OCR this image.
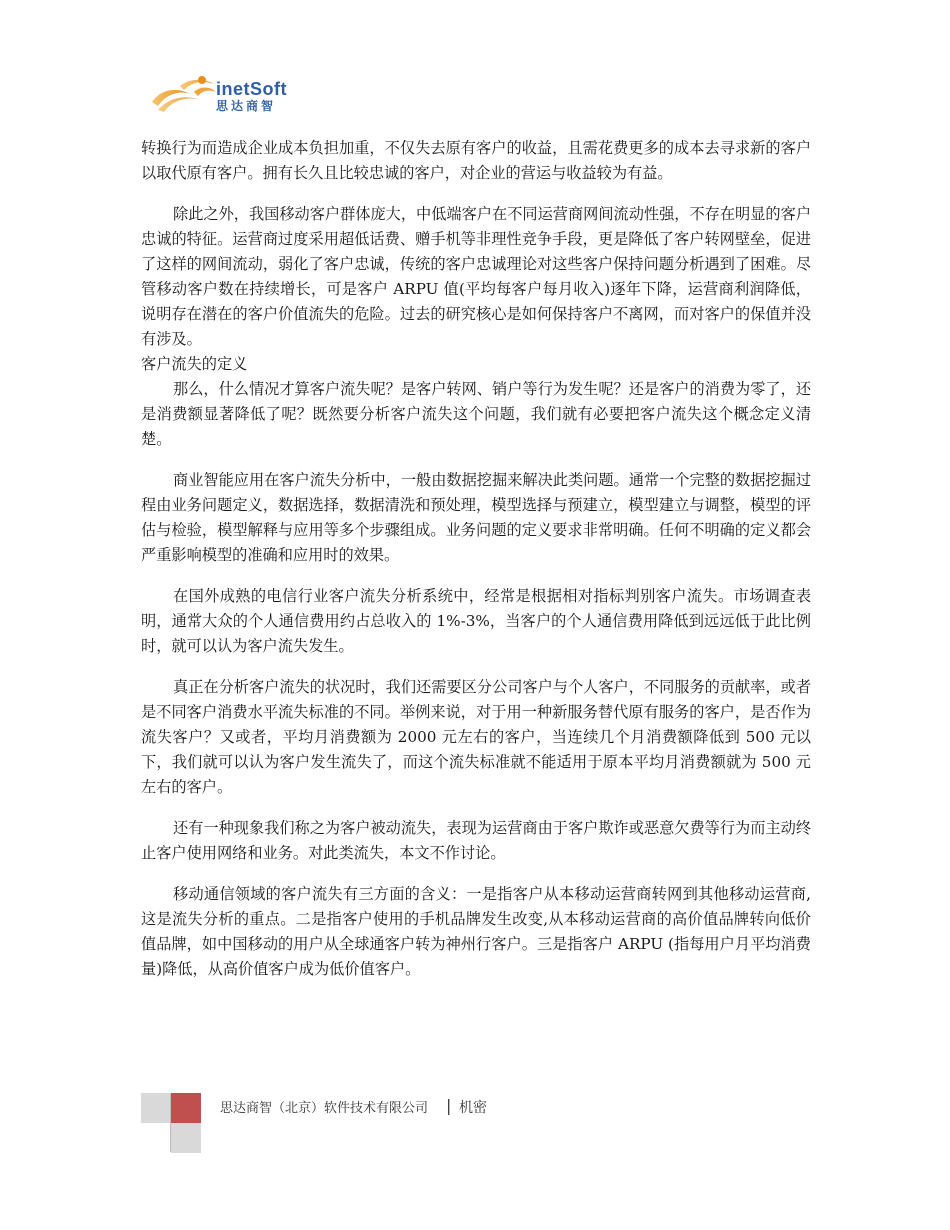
inetSoft
思达商智

转换行为而造成企业成本负担加重，不仅失去原有客户的收益，且需花费更多的成本去寻求新的客户以取代原有客户。拥有长久且比较忠诚的客户，对企业的营运与收益较为有益。

除此之外，我国移动客户群体庞大，中低端客户在不同运营商网间流动性强，不存在明显的客户忠诚的特征。运营商过度采用超低话费、赠手机等非理性竞争手段，更是降低了客户转网壁垒，促进了这样的网间流动，弱化了客户忠诚，传统的客户忠诚理论对这些客户保持问题分析遇到了困难。尽管移动客户数在持续增长，可是客户 ARPU 值(平均每客户每月收入)逐年下降，运营商利润降低，说明存在潜在的客户价值流失的危险。过去的研究核心是如何保持客户不离网，而对客户的保值并没有涉及。

客户流失的定义

那么，什么情况才算客户流失呢？是客户转网、销户等行为发生呢？还是客户的消费为零了，还是消费额显著降低了呢？既然要分析客户流失这个问题，我们就有必要把客户流失这个概念定义清楚。

商业智能应用在客户流失分析中，一般由数据挖掘来解决此类问题。通常一个完整的数据挖掘过程由业务问题定义，数据选择，数据清洗和预处理，模型选择与预建立，模型建立与调整，模型的评估与检验，模型解释与应用等多个步骤组成。业务问题的定义要求非常明确。任何不明确的定义都会严重影响模型的准确和应用时的效果。

在国外成熟的电信行业客户流失分析系统中，经常是根据相对指标判别客户流失。市场调查表明，通常大众的个人通信费用约占总收入的 1%-3%，当客户的个人通信费用降低到远远低于此比例时，就可以认为客户流失发生。

真正在分析客户流失的状况时，我们还需要区分公司客户与个人客户，不同服务的贡献率，或者是不同客户消费水平流失标准的不同。举例来说，对于用一种新服务替代原有服务的客户，是否作为流失客户？又或者，平均月消费额为 2000 元左右的客户，当连续几个月消费额降低到 500 元以下，我们就可以认为客户发生流失了，而这个流失标准就不能适用于原本平均月消费额就为 500 元左右的客户。

还有一种现象我们称之为客户被动流失，表现为运营商由于客户欺诈或恶意欠费等行为而主动终止客户使用网络和业务。对此类流失，本文不作讨论。

移动通信领域的客户流失有三方面的含义：一是指客户从本移动运营商转网到其他移动运营商,这是流失分析的重点。二是指客户使用的手机品牌发生改变,从本移动运营商的高价值品牌转向低价值品牌，如中国移动的用户从全球通客户转为神州行客户。三是指客户 ARPU (指每用户月平均消费量)降低，从高价值客户成为低价值客户。

思达商智（北京）软件技术有限公司 | 机密
